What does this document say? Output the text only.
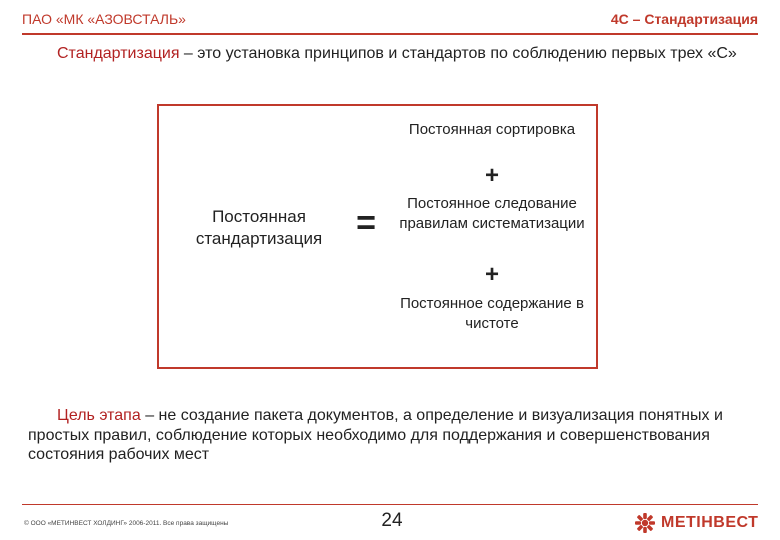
ПАО «МК «АЗОВСТАЛЬ»	4С – Стандартизация
Стандартизация – это установка принципов и стандартов по соблюдению первых трех «С»
Постоянная стандартизация =
Постоянная сортировка
+
Постоянное следование правилам систематизации
+
Постоянное содержание в чистоте
Цель этапа – не создание пакета документов, а определение и визуализация понятных и простых правил, соблюдение которых необходимо для поддержания и совершенствования состояния рабочих мест
© ООО «МЕТИНВЕСТ ХОЛДИНГ» 2006-2011. Все права защищены	24	МЕТІНВЕСТ
